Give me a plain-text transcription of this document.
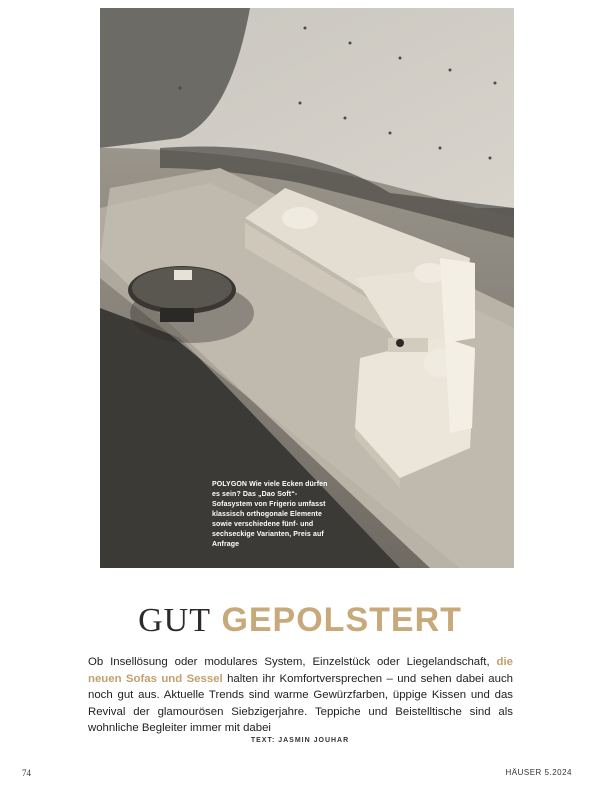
POLYGON Wie viele Ecken dürfen es sein? Das „Dao Soft“-Sofasystem von Frigerio umfasst klassisch orthogonale Elemente sowie verschiedene fünf- und sechseckige Varianten, Preis auf Anfrage
GUT GEPOLSTERT

Ob Insellösung oder modulares System, Einzelstück oder Liegelandschaft, die neuen Sofas und Sessel halten ihr Komfortversprechen – und sehen dabei auch noch gut aus. Aktuelle Trends sind warme Gewürzfarben, üppige Kissen und das Revival der glamourösen Siebzigerjahre. Teppiche und Beistelltische sind als wohnliche Begleiter immer mit dabei

TEXT: JASMIN JOUHAR
74	HÄUSER 5.2024
